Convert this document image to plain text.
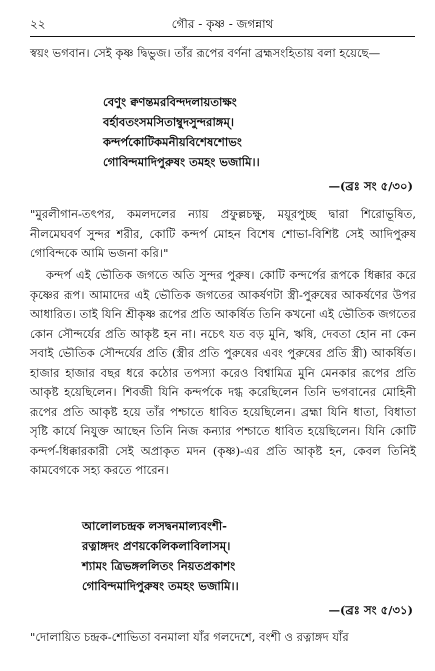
২২	গৌর - কৃষ্ণ - জগন্নাথ
স্বয়ং ভগবান। সেই কৃষ্ণ দ্বিভুজ। তাঁর রূপের বর্ণনা ব্রহ্মসংহিতায় বলা হয়েছে—
বেণুং ক্বণন্তমরবিন্দদলায়তাক্ষং
বর্হাবতংসমসিতাম্বুদসুন্দরাঙ্গম্।
কন্দর্পকোটিকমনীয়বিশেষশোভং
গোবিন্দমাদিপুরুষং তমহং ভজামি।।
—(ব্রঃ সং ৫/৩০)
"মুরলীগান-তৎপর, কমলদলের ন্যায় প্রফুল্লচক্ষু, ময়ূরপুচ্ছ দ্বারা শিরোভূষিত, নীলমেঘবর্ণ সুন্দর শরীর, কোটি কন্দর্প মোহন বিশেষ শোভা-বিশিষ্ট সেই আদিপুরুষ গোবিন্দকে আমি ভজনা করি।"
কন্দর্প এই ভৌতিক জগতে অতি সুন্দর পুরুষ। কোটি কন্দর্পের রূপকে ধিক্কার করে কৃষ্ণের রূপ। আমাদের এই ভৌতিক জগতের আকর্ষণটা স্ত্রী-পুরুষের আকর্ষণের উপর আধারিত। তাই যিনি শ্রীকৃষ্ণ রূপের প্রতি আকর্ষিত তিনি কখনো এই ভৌতিক জগতের কোন সৌন্দর্যের প্রতি আকৃষ্ট হন না। নচেৎ যত বড় মুনি, ঋষি, দেবতা হোন না কেন সবাই ভৌতিক সৌন্দর্যের প্রতি (স্ত্রীর প্রতি পুরুষের এবং পুরুষের প্রতি স্ত্রী) আকর্ষিত। হাজার হাজার বছর ধরে কঠোর তপস্যা করেও বিশ্বামিত্র মুনি মেনকার রূপের প্রতি আকৃষ্ট হয়েছিলেন। শিবজী যিনি কন্দর্পকে দগ্ধ করেছিলেন তিনি ভগবানের মোহিনী রূপের প্রতি আকৃষ্ট হয়ে তাঁর পশ্চাতে ধাবিত হয়েছিলেন। ব্রহ্মা যিনি ধাতা, বিধাতা সৃষ্টি কার্যে নিযুক্ত আছেন তিনি নিজ কন্যার পশ্চাতে ধাবিত হয়েছিলেন। যিনি কোটি কন্দর্প-ধিক্কারকারী সেই অপ্রাকৃত মদন (কৃষ্ণ)-এর প্রতি আকৃষ্ট হন, কেবল তিনিই কামবেগকে সহ্য করতে পারেন।
আলোলচন্দ্রক লসদ্বনমাল্যবংশী-
রত্নাঙ্গদং প্রণয়কেলিকলাবিলাসম্।
শ্যামং ত্রিভঙ্গললিতং নিয়তপ্রকাশং
গোবিন্দমাদিপুরুষং তমহং ভজামি।।
—(ব্রঃ সং ৫/৩১)
"দোলায়িত চন্দ্রক-শোভিতা বনমালা যাঁর গলদেশে, বংশী ও রত্নাঙ্গদ যাঁর
